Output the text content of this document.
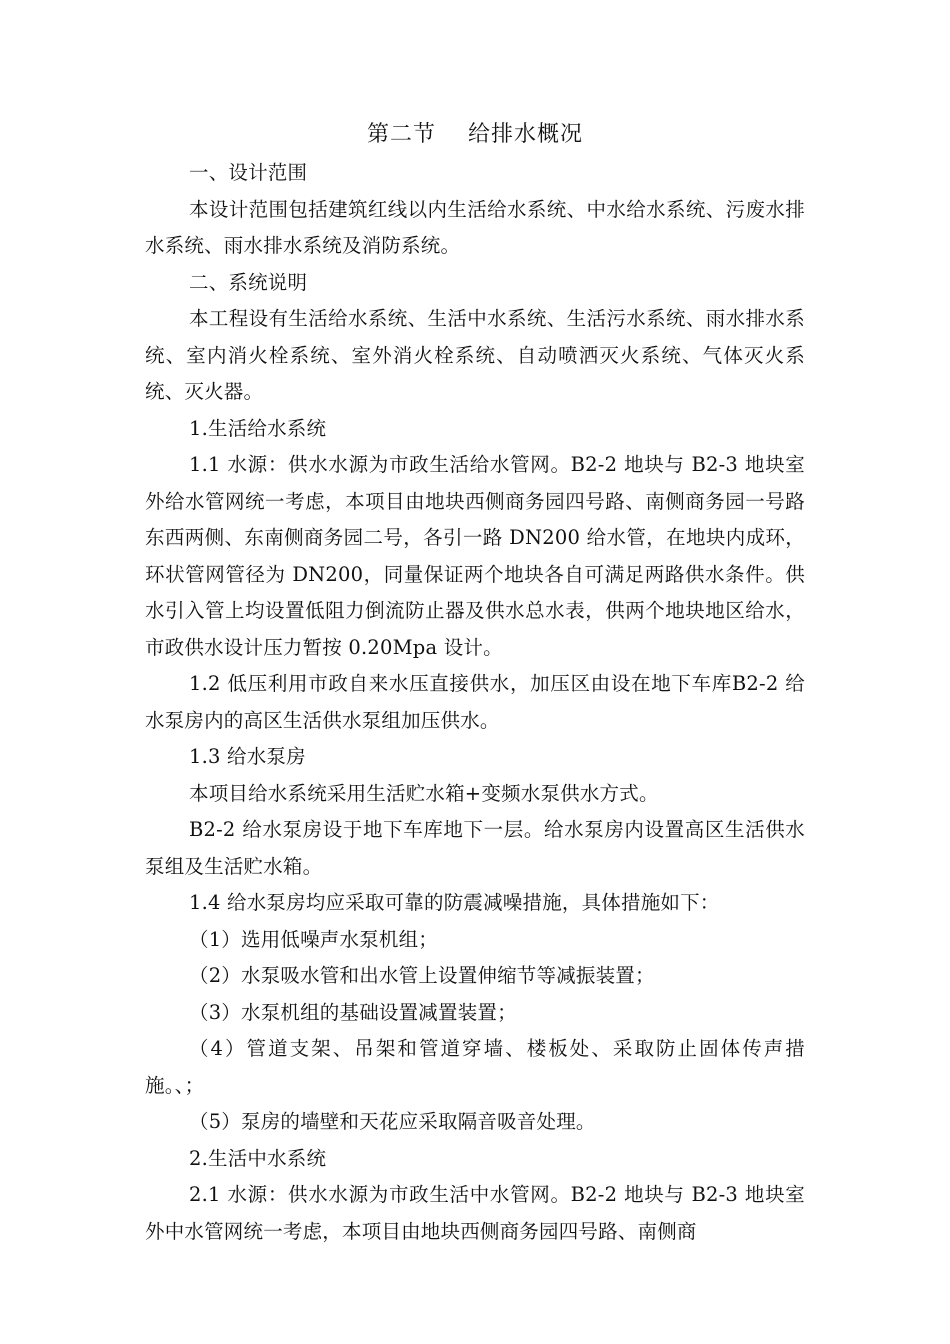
第二节    给排水概况

一、设计范围

本设计范围包括建筑红线以内生活给水系统、中水给水系统、污废水排水系统、雨水排水系统及消防系统。

二、系统说明

本工程设有生活给水系统、生活中水系统、生活污水系统、雨水排水系统、室内消火栓系统、室外消火栓系统、自动喷洒灭火系统、气体灭火系统、灭火器。

1.生活给水系统

1.1 水源：供水水源为市政生活给水管网。B2-2 地块与 B2-3 地块室外给水管网统一考虑，本项目由地块西侧商务园四号路、南侧商务园一号路东西两侧、东南侧商务园二号，各引一路 DN200 给水管，在地块内成环，环状管网管径为 DN200，同量保证两个地块各自可满足两路供水条件。供水引入管上均设置低阻力倒流防止器及供水总水表，供两个地块地区给水，市政供水设计压力暂按 0.20Mpa 设计。

1.2 低压利用市政自来水压直接供水，加压区由设在地下车库B2-2 给水泵房内的高区生活供水泵组加压供水。

1.3 给水泵房

本项目给水系统采用生活贮水箱+变频水泵供水方式。

B2-2 给水泵房设于地下车库地下一层。给水泵房内设置高区生活供水泵组及生活贮水箱。

1.4 给水泵房均应采取可靠的防震减噪措施，具体措施如下：

（1）选用低噪声水泵机组；

（2）水泵吸水管和出水管上设置伸缩节等减振装置；

（3）水泵机组的基础设置减置装置；

（4）管道支架、吊架和管道穿墙、楼板处、采取防止固体传声措施。、；

（5）泵房的墙壁和天花应采取隔音吸音处理。

2.生活中水系统

2.1 水源：供水水源为市政生活中水管网。B2-2 地块与 B2-3 地块室外中水管网统一考虑，本项目由地块西侧商务园四号路、南侧商
